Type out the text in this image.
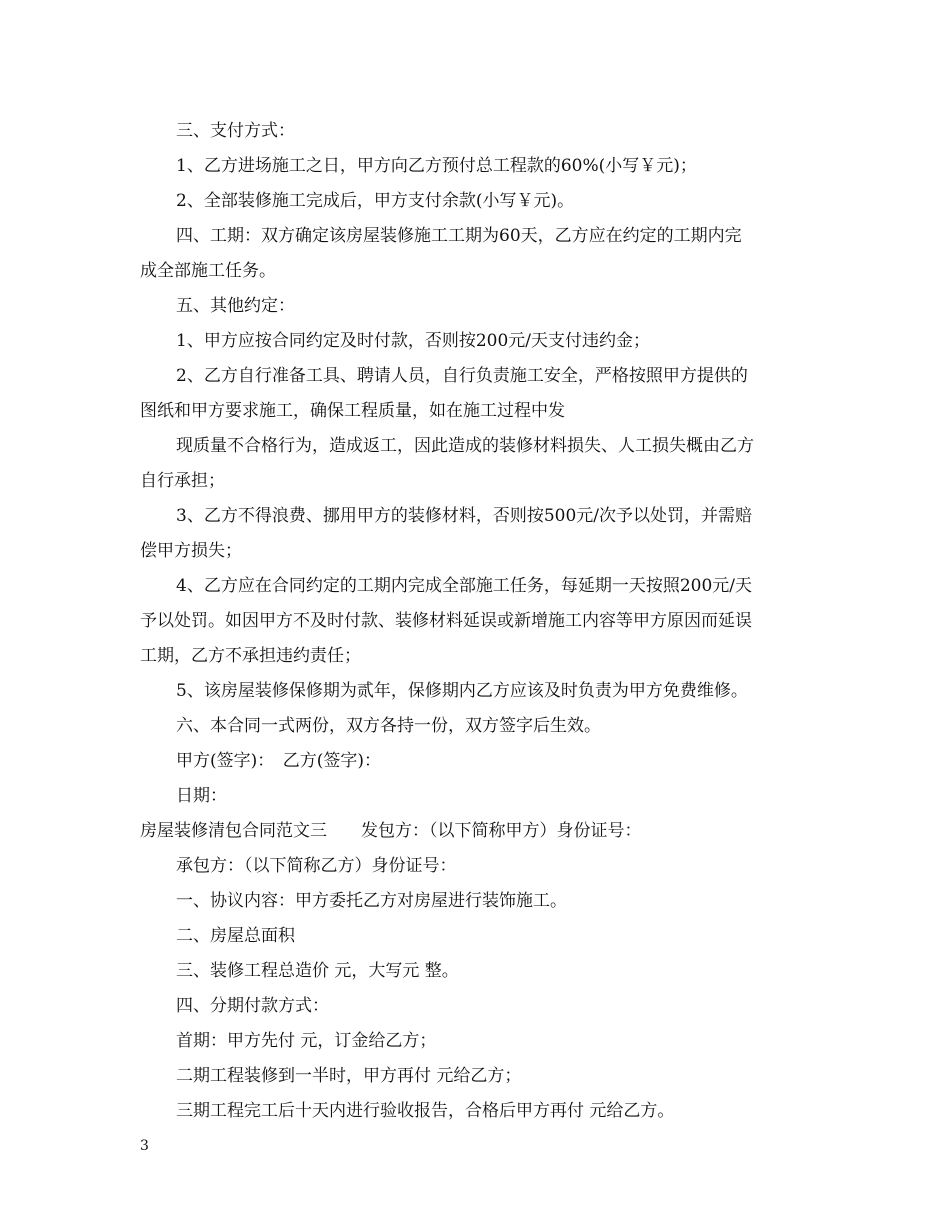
三、支付方式：
1、乙方进场施工之日，甲方向乙方预付总工程款的60%(小写￥元)；
2、全部装修施工完成后，甲方支付余款(小写￥元)。
四、工期：双方确定该房屋装修施工工期为60天，乙方应在约定的工期内完
成全部施工任务。
五、其他约定：
1、甲方应按合同约定及时付款，否则按200元/天支付违约金；
2、乙方自行准备工具、聘请人员，自行负责施工安全，严格按照甲方提供的
图纸和甲方要求施工，确保工程质量，如在施工过程中发
现质量不合格行为，造成返工，因此造成的装修材料损失、人工损失概由乙方
自行承担；
3、乙方不得浪费、挪用甲方的装修材料，否则按500元/次予以处罚，并需赔
偿甲方损失；
4、乙方应在合同约定的工期内完成全部施工任务，每延期一天按照200元/天
予以处罚。如因甲方不及时付款、装修材料延误或新增施工内容等甲方原因而延误
工期，乙方不承担违约责任；
5、该房屋装修保修期为贰年，保修期内乙方应该及时负责为甲方免费维修。
六、本合同一式两份，双方各持一份，双方签字后生效。
甲方(签字)：　乙方(签字)：
日期：
房屋装修清包合同范文三　　发包方：（以下简称甲方）身份证号：
承包方：（以下简称乙方）身份证号：
一、协议内容：甲方委托乙方对房屋进行装饰施工。
二、房屋总面积
三、装修工程总造价 元，大写元 整。
四、分期付款方式：
首期：甲方先付 元，订金给乙方；
二期工程装修到一半时，甲方再付 元给乙方；
三期工程完工后十天内进行验收报告，合格后甲方再付 元给乙方。
3
